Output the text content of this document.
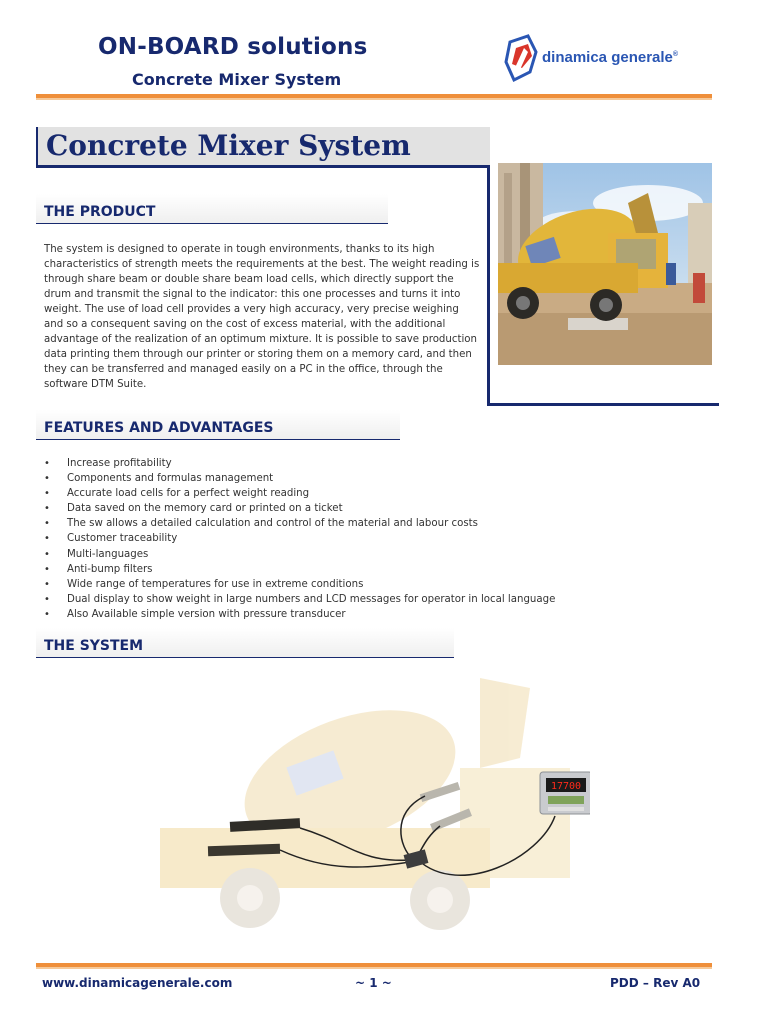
ON-BOARD solutions
Concrete Mixer System
dinamica generale®
Concrete Mixer System
THE PRODUCT
The system is designed to operate in tough environments, thanks to its high characteristics of strength meets the requirements at the best. The weight reading is through share beam or double share beam load cells, which directly support the drum and transmit the signal to the indicator: this one processes and turns it into weight. The use of load cell provides a very high accuracy, very precise weighing and so a consequent saving on the cost of excess material, with the additional advantage of the realization of an optimum mixture. It is possible to save production data printing them through our printer or storing them on a memory card, and then they can be transferred and managed easily on a PC in the office, through the software DTM Suite.
FEATURES AND ADVANTAGES
• Increase profitability
• Components and formulas management
• Accurate load cells for a perfect weight reading
• Data saved on the memory card or printed on a ticket
• The sw allows a detailed calculation and control of the material and labour costs
• Customer traceability
• Multi-languages
• Anti-bump filters
• Wide range of temperatures for use in extreme conditions
• Dual display to show weight in large numbers and LCD messages for operator in local language
• Also Available simple version with pressure transducer
THE SYSTEM
17700
www.dinamicagenerale.com	~ 1 ~	PDD – Rev A0
